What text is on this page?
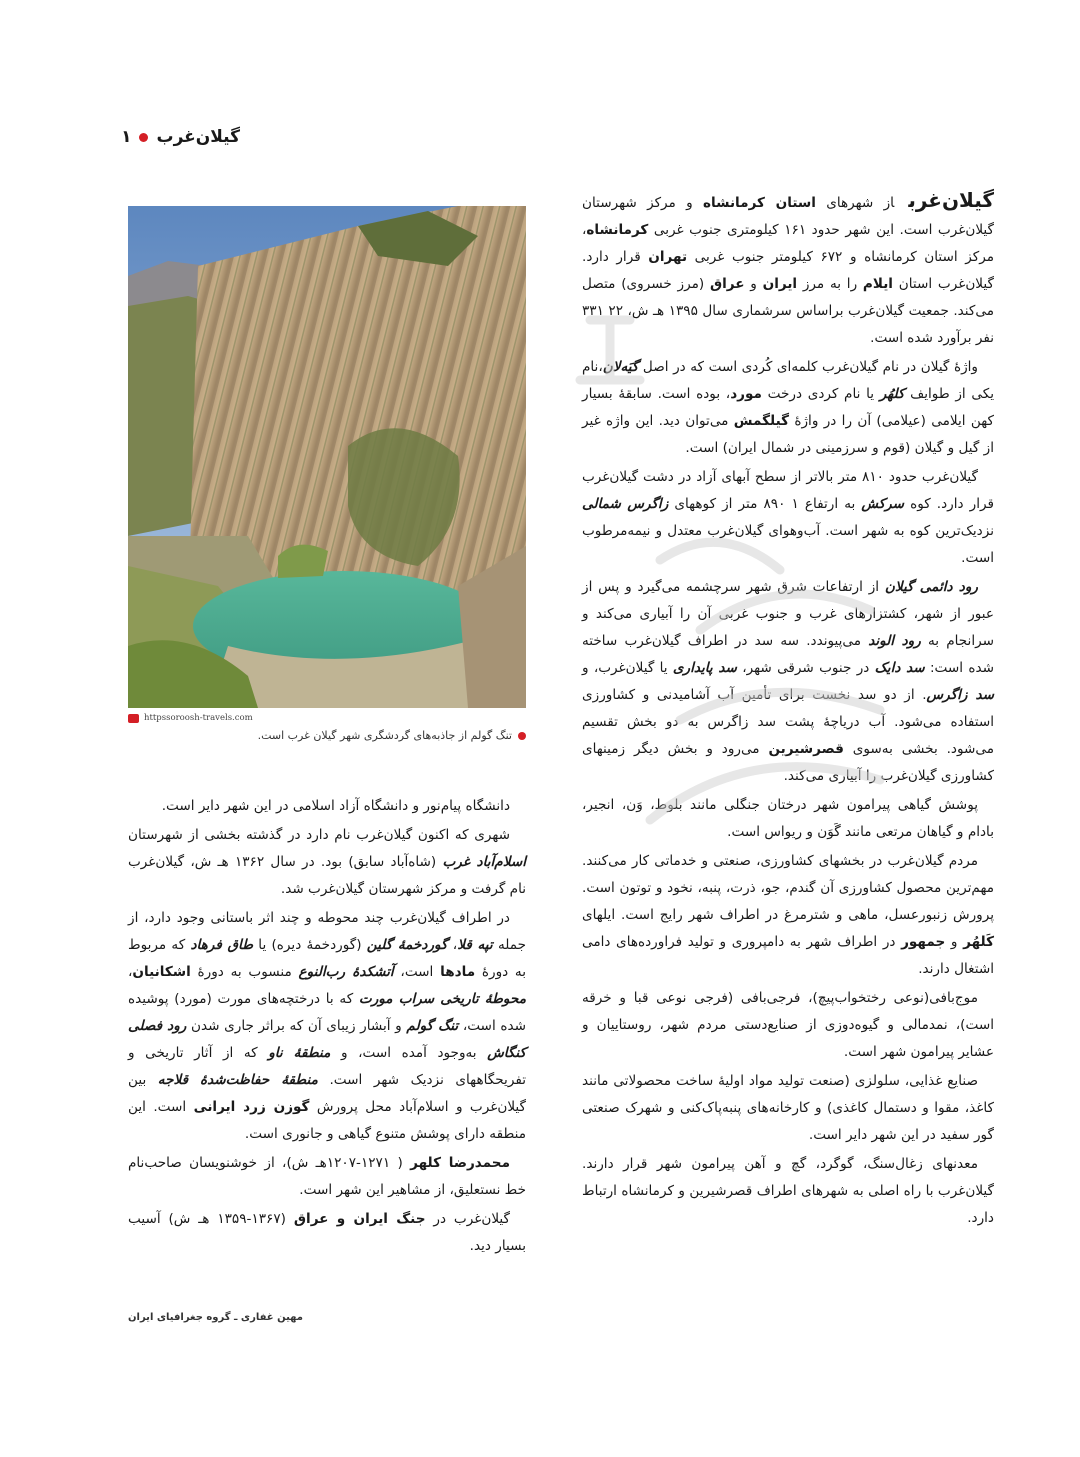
گیلان‌غرب
۱

گیلان‌غرباز شهرهای استان کرمانشاه و مرکز شهرستان گیلان‌غرب است. این شهر حدود ۱۶۱ کیلومتری جنوب غربی کرمانشاه، مرکز استان کرمانشاه و ۶۷۲ کیلومتر جنوب غربی تهران قرار دارد. گیلان‌غرب استان ایلام را به مرز ایران و عراق (مرز خسروی) متصل می‌کند. جمعیت گیلان‌غرب براساس سرشماری سال ۱۳۹۵ هـ ش، ۲۲ ۳۳۱ نفر برآورد شده است.

واژهٔ گیلان در نام گیلان‌غرب کلمه‌ای کُردی است که در اصل گیَه‌لان،نام یکی از طوایف کلهُر یا نام کردی درخت مورد، بوده است. سابقهٔ بسیار کهن ایلامی (عیلامی) آن را در واژهٔ گیلگمش می‌توان دید. این واژه غیر از گیل و گیلان (قوم و سرزمینی در شمال ایران) است.

گیلان‌غرب حدود ۸۱۰ متر بالاتر از سطح آبهای آزاد در دشت گیلان‌غرب قرار دارد. کوه سرکش به ارتفاع ۱ ۸۹۰ متر از کوههای زاگرس شمالی نزدیک‌ترین کوه به شهر است. آب‌وهوای گیلان‌غرب معتدل و نیمه‌مرطوب است.

رود دائمی گیلان از ارتفاعات شرق شهر سرچشمه می‌گیرد و پس از عبور از شهر، کشتزارهای غرب و جنوب غربی آن را آبیاری می‌کند و سرانجام به رود الوند می‌پیوندد. سه سد در اطراف گیلان‌غرب ساخته شده است: سد دایک در جنوب شرقی شهر، سد پایداری یا گیلان‌غرب، و سد زاگرس. از دو سد نخست برای تأمین آب آشامیدنی و کشاورزی استفاده می‌شود. آب دریاچهٔ پشت سد زاگرس به دو بخش تقسیم می‌شود. بخشی به‌سوی قصرشیرین می‌رود و بخش دیگر زمینهای کشاورزی گیلان‌غرب را آبیاری می‌کند.

پوشش گیاهی پیرامون شهر درختان جنگلی مانند بلوط، وَن، انجیر، بادام و گیاهان مرتعی مانند گَوَن و ریواس است.

مردم گیلان‌غرب در بخشهای کشاورزی، صنعتی و خدماتی کار می‌کنند. مهم‌ترین محصول کشاورزی آن گندم، جو، ذرت، پنبه، نخود و توتون است. پرورش زنبورعسل، ماهی و شترمرغ در اطراف شهر رایج است. ایلهای کَلهُر و جمهور در اطراف شهر به دامپروری و تولید فراورده‌های دامی اشتغال دارند.

موج‌بافی(نوعی رختخواب‌پیچ)، فرجی‌بافی (فرجی نوعی قبا و خرقه است)، نمدمالی و گیوه‌دوزی از صنایع‌دستی مردم شهر، روستاییان و عشایر پیرامون شهر است.

صنایع غذایی، سلولزی (صنعت تولید مواد اولیهٔ ساخت محصولاتی مانند کاغذ، مقوا و دستمال کاغذی) و کارخانه‌های پنبه‌پاک‌کنی و شهرک صنعتی گور سفید در این شهر دایر است.

معدنهای زغال‌سنگ، گوگرد، گچ و آهن پیرامون شهر قرار دارند. گیلان‌غرب با راه اصلی به شهرهای اطراف قصرشیرین و کرمانشاه ارتباط دارد.

httpssoroosh-travels.com
تنگ گولم از جاذبه‌های گردشگری شهر گیلان غرب است.

دانشگاه پیام‌نور و دانشگاه آزاد اسلامی در این شهر دایر است.

شهری که اکنون گیلان‌غرب نام دارد در گذشته بخشی از شهرستان اسلام‌آباد غرب (شاه‌آباد سابق) بود. در سال ۱۳۶۲ هـ ش، گیلان‌غرب نام گرفت و مرکز شهرستان گیلان‌غرب شد.

در اطراف گیلان‌غرب چند محوطه و چند اثر باستانی وجود دارد، از جمله تپه قلا، گوردخمهٔ گلین (گوردخمهٔ دیره) یا طاق فرهاد که مربوط به دورهٔ مادها است، آتشکدهٔ رب‌النوع منسوب به دورهٔ اشکانیان، محوطهٔ تاریخی سراب مورت که با درختچه‌های مورت (مورد) پوشیده شده است، تنگ گولم و آبشار زیبای آن که براثر جاری شدن رود فصلی کنگاش به‌وجود آمده است، و منطقهٔ ناو که از آثار تاریخی و تفریحگاههای نزدیک شهر است. منطقهٔ حفاظت‌شدهٔ قلاجه بین گیلان‌غرب و اسلام‌آباد محل پرورش گوزن زرد ایرانی است. این منطقه دارای پوشش متنوع گیاهی و جانوری است.

محمدرضا کلهر ( ۱۲۷۱-۱۲۰۷هـ ش)، از خوشنویسان صاحب‌نام خط نستعلیق، از مشاهیر این شهر است.

گیلان‌غرب در جنگ ایران و عراق (۱۳۶۷-۱۳۵۹ هـ ش) آسیب بسیار دید.

مهین غفاری ـ گروه جغرافیای ایران
